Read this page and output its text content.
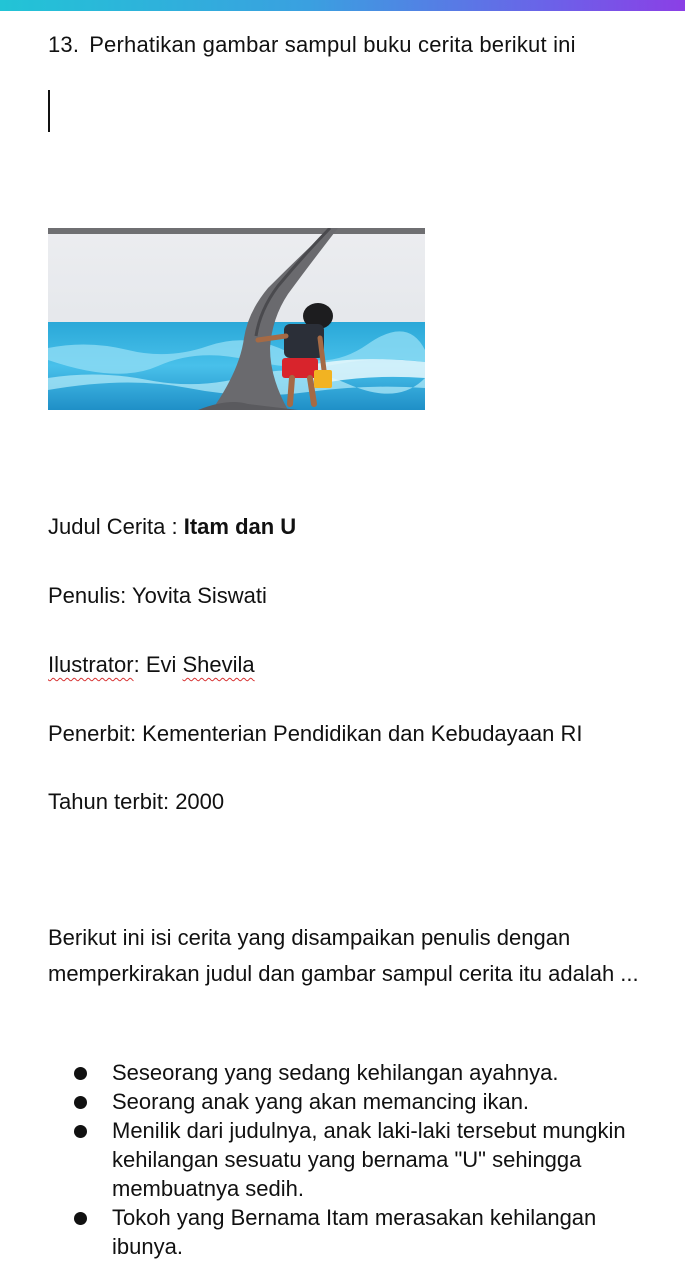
13. Perhatikan gambar sampul buku cerita berikut ini
Judul Cerita : Itam dan U
Penulis: Yovita Siswati
Ilustrator: Evi Shevila
Penerbit: Kementerian Pendidikan dan Kebudayaan RI
Tahun terbit: 2000
Berikut ini isi cerita yang disampaikan penulis dengan memperkirakan judul dan gambar sampul cerita itu adalah ...
Seseorang yang sedang kehilangan ayahnya.
Seorang anak yang akan memancing ikan.
Menilik dari judulnya, anak laki-laki tersebut mungkin kehilangan sesuatu yang bernama "U" sehingga membuatnya sedih.
Tokoh yang Bernama Itam merasakan kehilangan ibunya.
